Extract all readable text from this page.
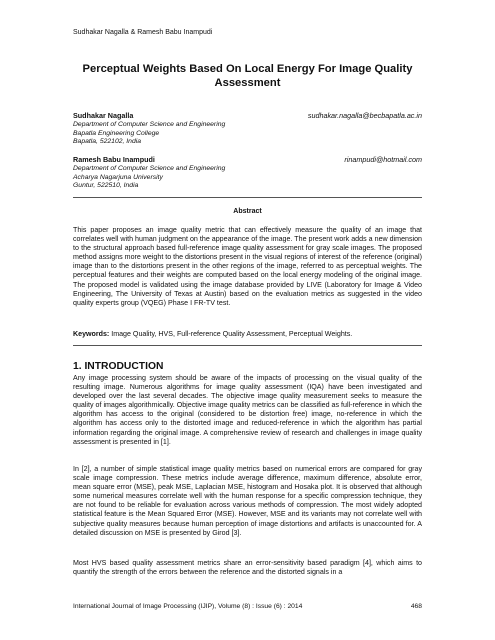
Sudhakar Nagalla & Ramesh Babu Inampudi
Perceptual Weights Based On Local Energy For Image Quality Assessment
Sudhakar Nagalla	sudhakar.nagalla@becbapatla.ac.in
Department of Computer Science and Engineering
Bapatla Engineering College
Bapatla, 522102, India
Ramesh Babu Inampudi	rinampudi@hotmail.com
Department of Computer Science and Engineering
Acharya Nagarjuna University
Guntur, 522510, India
Abstract

This paper proposes an image quality metric that can effectively measure the quality of an image that correlates well with human judgment on the appearance of the image. The present work adds a new dimension to the structural approach based full-reference image quality assessment for gray scale images. The proposed method assigns more weight to the distortions present in the visual regions of interest of the reference (original) image than to the distortions present in the other regions of the image, referred to as perceptual weights. The perceptual features and their weights are computed based on the local energy modeling of the original image. The proposed model is validated using the image database provided by LIVE (Laboratory for Image & Video Engineering, The University of Texas at Austin) based on the evaluation metrics as suggested in the video quality experts group (VQEG) Phase I FR-TV test.

Keywords: Image Quality, HVS, Full-reference Quality Assessment, Perceptual Weights.

1. INTRODUCTION

Any image processing system should be aware of the impacts of processing on the visual quality of the resulting image. Numerous algorithms for image quality assessment (IQA) have been investigated and developed over the last several decades. The objective image quality measurement seeks to measure the quality of images algorithmically. Objective image quality metrics can be classified as full-reference in which the algorithm has access to the original (considered to be distortion free) image, no-reference in which the algorithm has access only to the distorted image and reduced-reference in which the algorithm has partial information regarding the original image. A comprehensive review of research and challenges in image quality assessment is presented in [1].

In [2], a number of simple statistical image quality metrics based on numerical errors are compared for gray scale image compression. These metrics include average difference, maximum difference, absolute error, mean square error (MSE), peak MSE, Laplacian MSE, histogram and Hosaka plot. It is observed that although some numerical measures correlate well with the human response for a specific compression technique, they are not found to be reliable for evaluation across various methods of compression. The most widely adopted statistical feature is the Mean Squared Error (MSE). However, MSE and its variants may not correlate well with subjective quality measures because human perception of image distortions and artifacts is unaccounted for. A detailed discussion on MSE is presented by Girod [3].

Most HVS based quality assessment metrics share an error-sensitivity based paradigm [4], which aims to quantify the strength of the errors between the reference and the distorted signals in a

International Journal of Image Processing (IJIP), Volume (8) : Issue (6) : 2014	468
